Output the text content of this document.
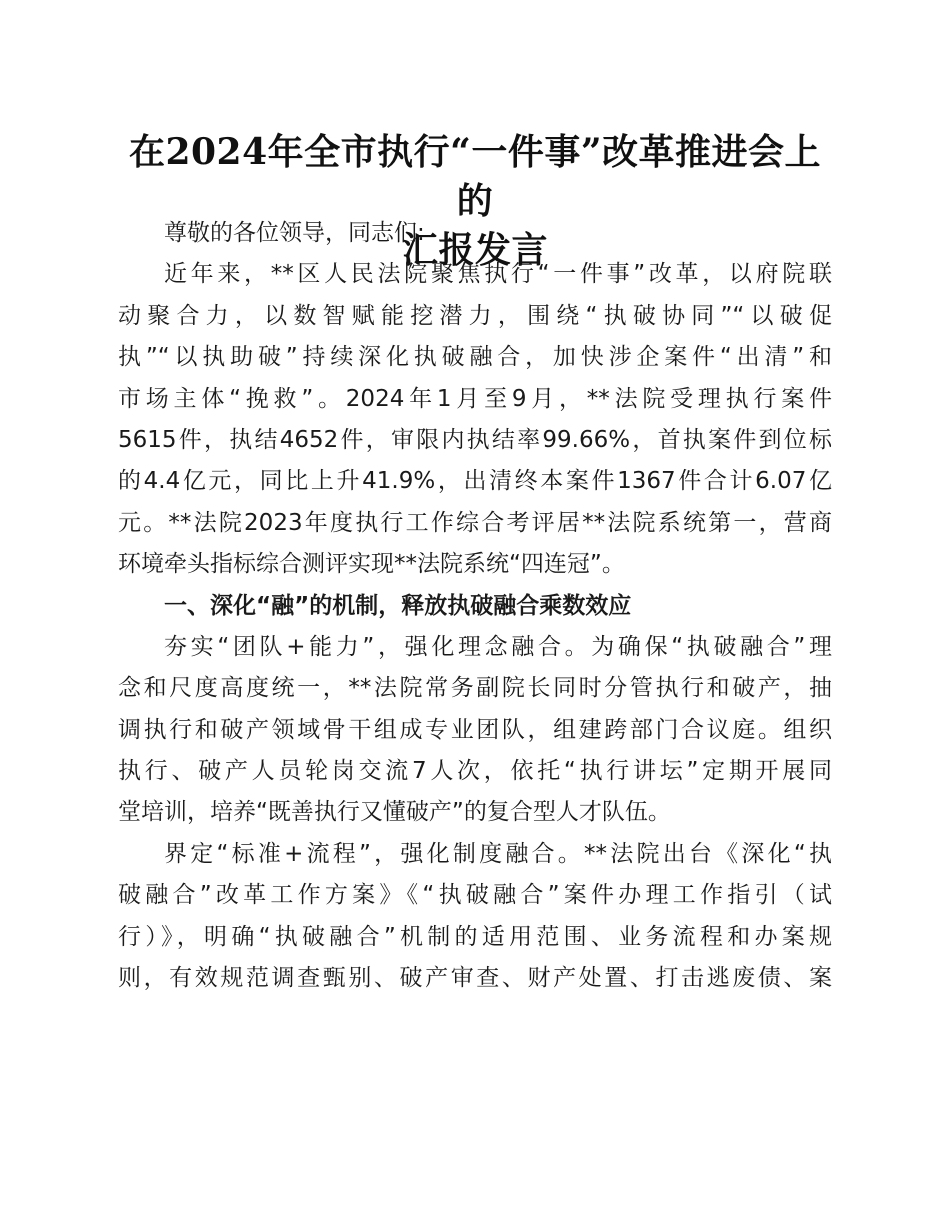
在2024年全市执行“一件事”改革推进会上的
汇报发言
尊敬的各位领导，同志们:
近年来，**区人民法院聚焦执行“一件事”改革，以府院联
动聚合力，以数智赋能挖潜力，围绕“执破协同”“以破促
执”“以执助破”持续深化执破融合，加快涉企案件“出清”和
市场主体“挽救”。2024年1月至9月，**法院受理执行案件
5615件，执结4652件，审限内执结率99.66%，首执案件到位标
的4.4亿元，同比上升41.9%，出清终本案件1367件合计6.07亿
元。**法院2023年度执行工作综合考评居**法院系统第一，营商
环境牵头指标综合测评实现**法院系统“四连冠”。
一、深化“融”的机制，释放执破融合乘数效应
夯实“团队+能力”，强化理念融合。为确保“执破融合”理
念和尺度高度统一，**法院常务副院长同时分管执行和破产，抽
调执行和破产领域骨干组成专业团队，组建跨部门合议庭。组织
执行、破产人员轮岗交流7人次，依托“执行讲坛”定期开展同
堂培训，培养“既善执行又懂破产”的复合型人才队伍。
界定“标准+流程”，强化制度融合。**法院出台《深化“执
破融合”改革工作方案》《“执破融合”案件办理工作指引（试
行）》，明确“执破融合”机制的适用范围、业务流程和办案规
则，有效规范调查甄别、破产审查、财产处置、打击逃废债、案
